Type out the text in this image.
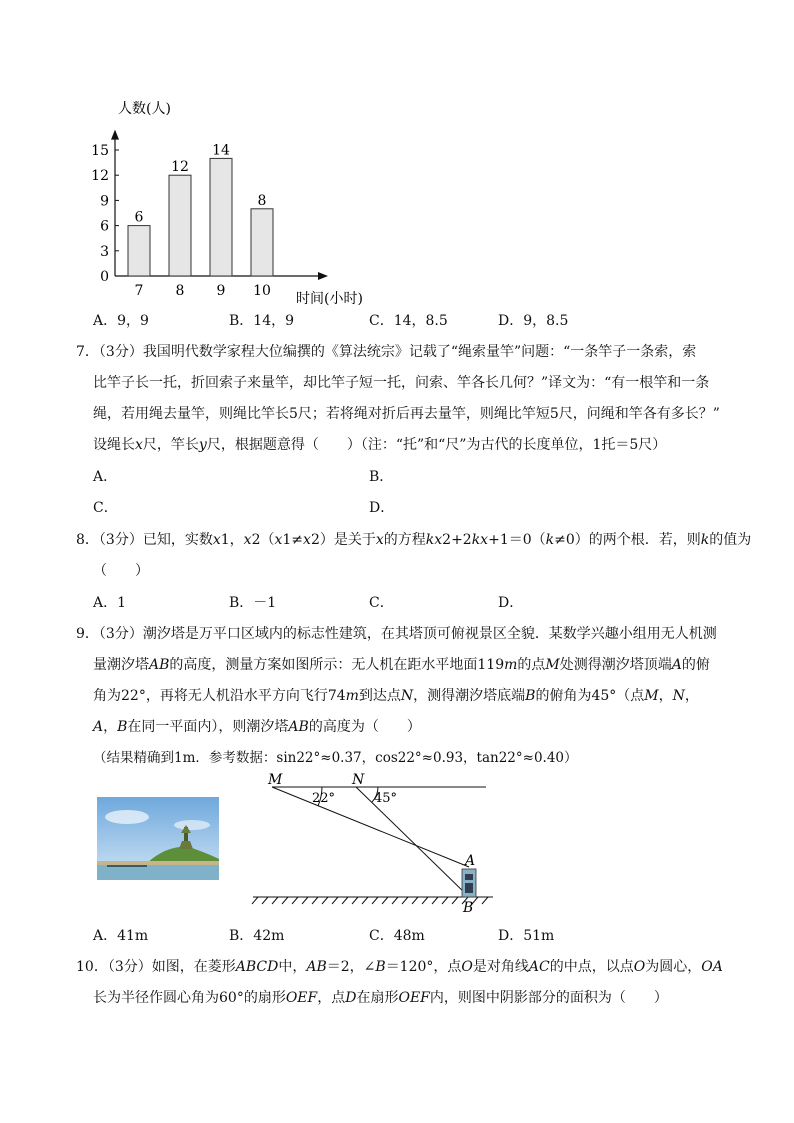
0
3
6
9
12
15
6
7
12
8
14
9
8
10
人数(人)
时间(小时)
A．9，9	B．14，9	C．14，8.5	D．9，8.5
7．（3分）我国明代数学家程大位编撰的《算法统宗》记载了“绳索量竿”问题：“一条竿子一条索，索
比竿子长一托，折回索子来量竿，却比竿子短一托，问索、竿各长几何？”译文为：“有一根竿和一条
绳，若用绳去量竿，则绳比竿长5尺；若将绳对折后再去量竿，则绳比竿短5尺，问绳和竿各有多长？”
设绳长x尺，竿长y尺，根据题意得（　　）（注：“托”和“尺”为古代的长度单位，1托＝5尺）
A．	B．
C．	D．
8．（3分）已知，实数x1，x2（x1≠x2）是关于x的方程kx2+2kx+1＝0（k≠0）的两个根．若，则k的值为
（　　）
A．1	B．－1	C．	D．
9．（3分）潮汐塔是万平口区域内的标志性建筑，在其塔顶可俯视景区全貌．某数学兴趣小组用无人机测
量潮汐塔AB的高度，测量方案如图所示：无人机在距水平地面119m的点M处测得潮汐塔顶端A的俯
角为22°，再将无人机沿水平方向飞行74m到达点N，测得潮汐塔底端B的俯角为45°（点M，N，
A，B在同一平面内），则潮汐塔AB的高度为（　　）
（结果精确到1m．参考数据：sin22°≈0.37，cos22°≈0.93，tan22°≈0.40）
M	N
A
B
22°	45°
A．41m	B．42m	C．48m	D．51m
10．（3分）如图，在菱形ABCD中，AB＝2，∠B＝120°，点O是对角线AC的中点，以点O为圆心，OA
长为半径作圆心角为60°的扇形OEF，点D在扇形OEF内，则图中阴影部分的面积为（　　）
